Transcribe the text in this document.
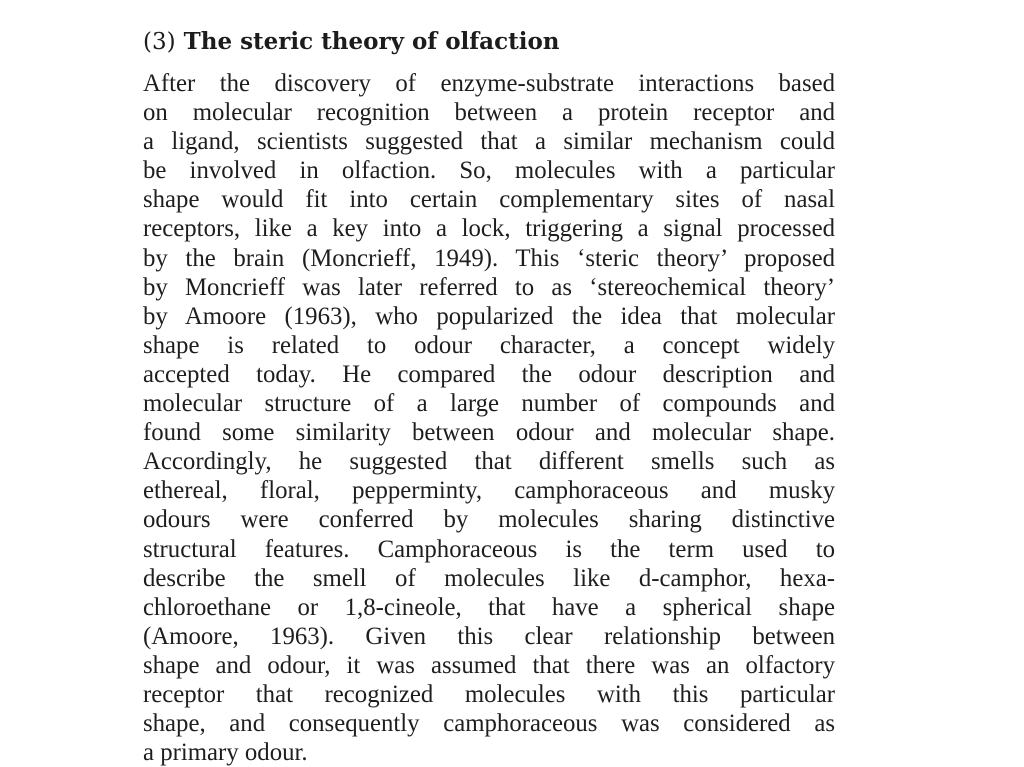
(3) The steric theory of olfaction
After the discovery of enzyme-substrate interactions based
on molecular recognition between a protein receptor and
a ligand, scientists suggested that a similar mechanism could
be involved in olfaction. So, molecules with a particular
shape would fit into certain complementary sites of nasal
receptors, like a key into a lock, triggering a signal processed
by the brain (Moncrieff, 1949). This ‘steric theory’ proposed
by Moncrieff was later referred to as ‘stereochemical theory’
by Amoore (1963), who popularized the idea that molecular
shape is related to odour character, a concept widely
accepted today. He compared the odour description and
molecular structure of a large number of compounds and
found some similarity between odour and molecular shape.
Accordingly, he suggested that different smells such as
ethereal, floral, pepperminty, camphoraceous and musky
odours were conferred by molecules sharing distinctive
structural features. Camphoraceous is the term used to
describe the smell of molecules like d-camphor, hexa-
chloroethane or 1,8-cineole, that have a spherical shape
(Amoore, 1963). Given this clear relationship between
shape and odour, it was assumed that there was an olfactory
receptor that recognized molecules with this particular
shape, and consequently camphoraceous was considered as
a primary odour.
